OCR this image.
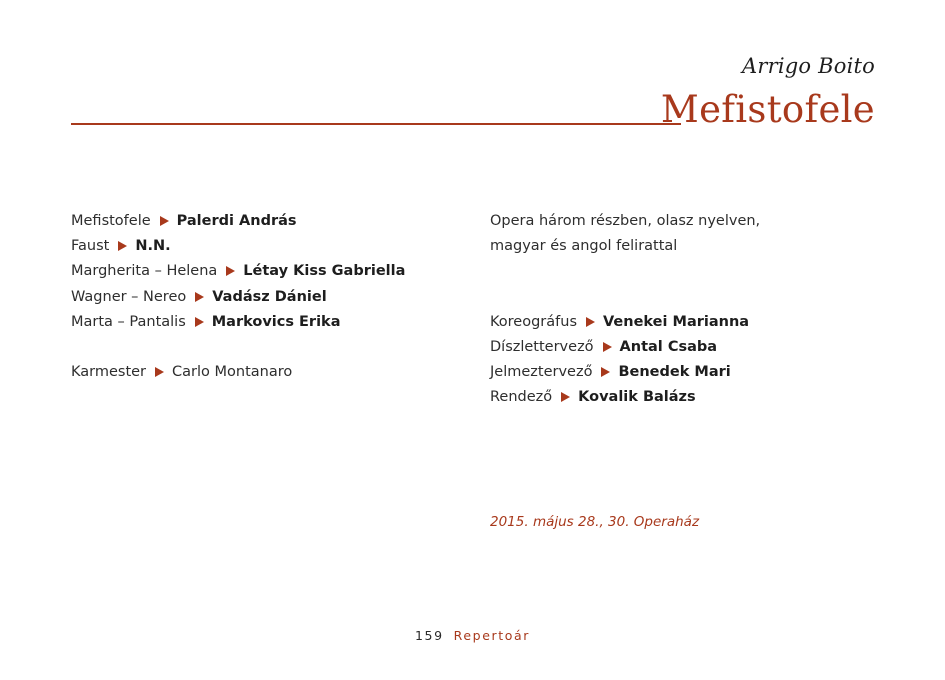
Arrigo Boito
Mefistofele
Mefistofele Palerdi András
Faust N.N.
Margherita – Helena Létay Kiss Gabriella
Wagner – Nereo Vadász Dániel
Marta – Pantalis Markovics Erika
Karmester Carlo Montanaro
Opera három részben, olasz nyelven, magyar és angol felirattal
Koreográfus Venekei Marianna
Díszlettervező Antal Csaba
Jelmeztervező Benedek Mari
Rendező Kovalik Balázs
2015. május 28., 30. Operaház
159 Repertoár
